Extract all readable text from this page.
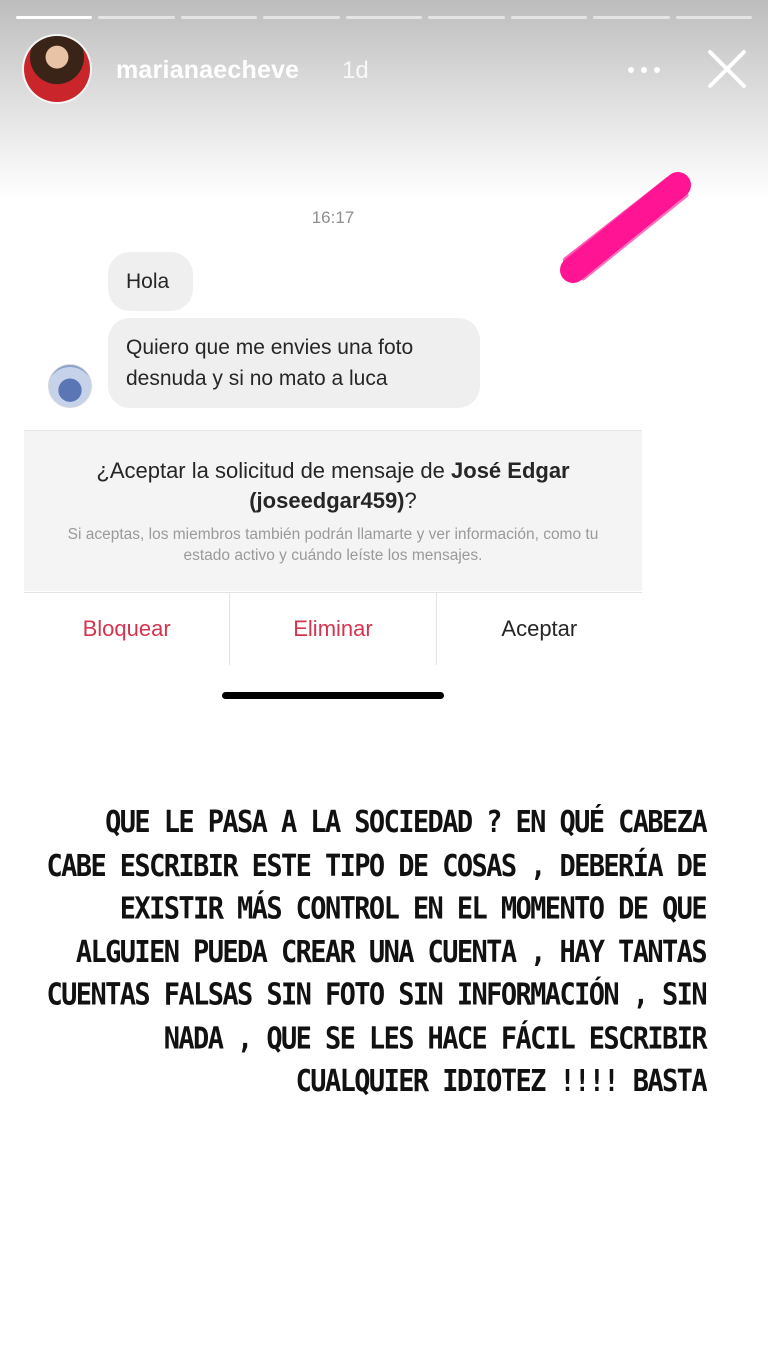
marianaecheve 1d
16:17
Hola
Quiero que me envies una foto desnuda y si no mato a luca
¿Aceptar la solicitud de mensaje de José Edgar
(joseedgar459)?
Si aceptas, los miembros también podrán llamarte y ver información, como tu estado activo y cuándo leíste los mensajes.
Bloquear	Eliminar	Aceptar
QUE LE PASA A LA SOCIEDAD ? EN QUÉ CABEZA CABE ESCRIBIR ESTE TIPO DE COSAS , DEBERÍA DE EXISTIR MÁS CONTROL EN EL MOMENTO DE QUE ALGUIEN PUEDA CREAR UNA CUENTA , HAY TANTAS CUENTAS FALSAS SIN FOTO SIN INFORMACIÓN , SIN NADA , QUE SE LES HACE FÁCIL ESCRIBIR CUALQUIER IDIOTEZ !!!! BASTA
